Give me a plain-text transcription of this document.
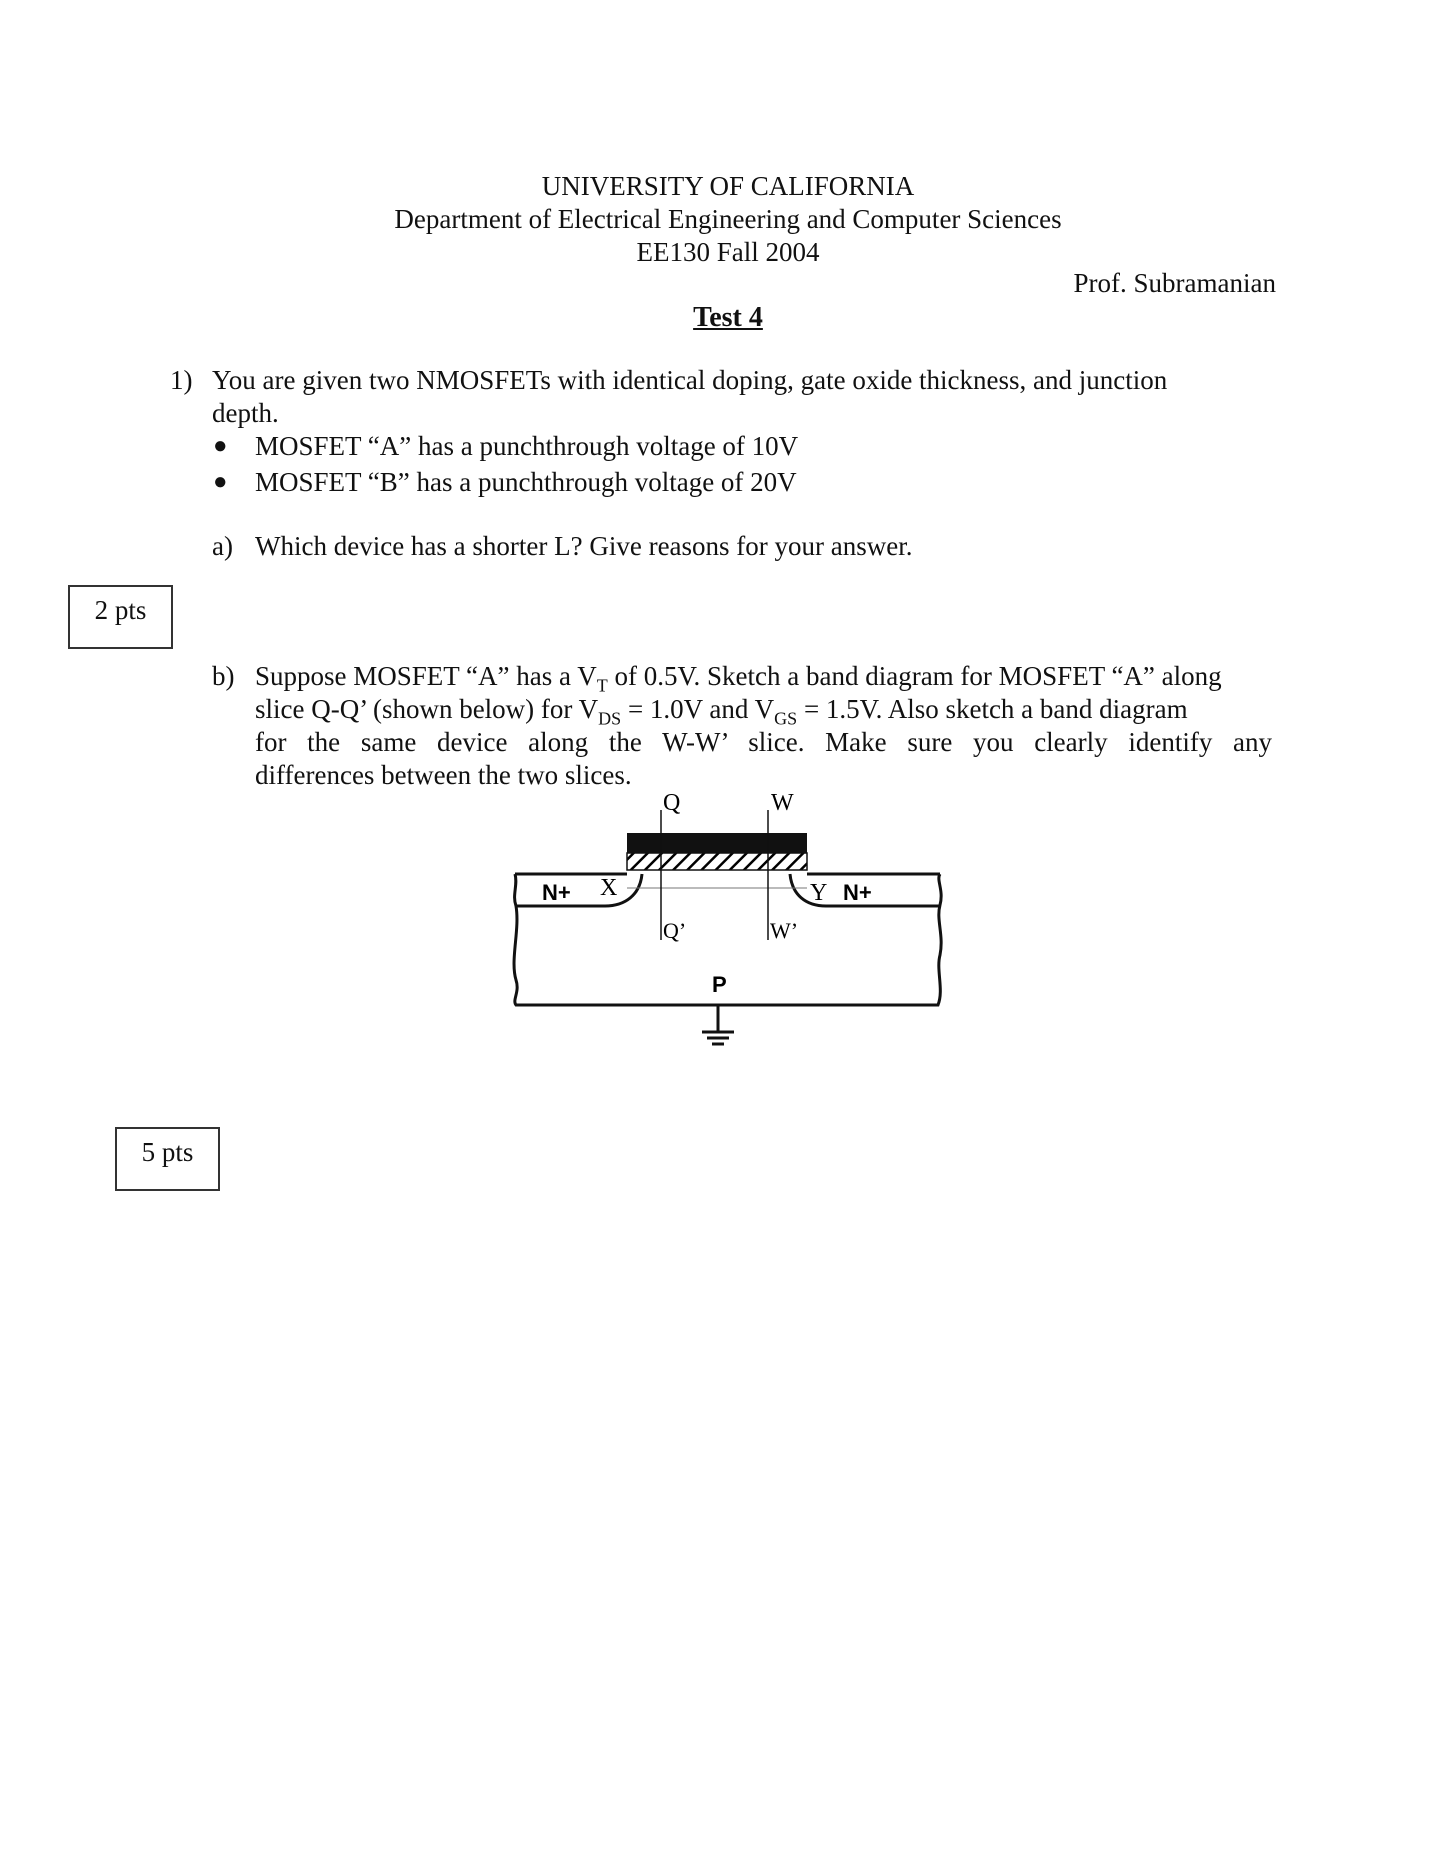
UNIVERSITY OF CALIFORNIA
Department of Electrical Engineering and Computer Sciences
EE130 Fall 2004
Prof. Subramanian
Test 4
1) You are given two NMOSFETs with identical doping, gate oxide thickness, and junction
depth.
● MOSFET “A” has a punchthrough voltage of 10V
● MOSFET “B” has a punchthrough voltage of 20V
a) Which device has a shorter L? Give reasons for your answer.
2 pts
b) Suppose MOSFET “A” has a $V_T$ of 0.5V. Sketch a band diagram for MOSFET “A” along
slice Q-Q’ (shown below) for $V_{DS} = 1.0V$ and $V_{GS} = 1.5V$. Also sketch a band diagram
for the same device along the W-W’ slice. Make sure you clearly identify any
differences between the two slices.
5 pts
Q	W
Q’	W’
N+	N+
X	Y
P
